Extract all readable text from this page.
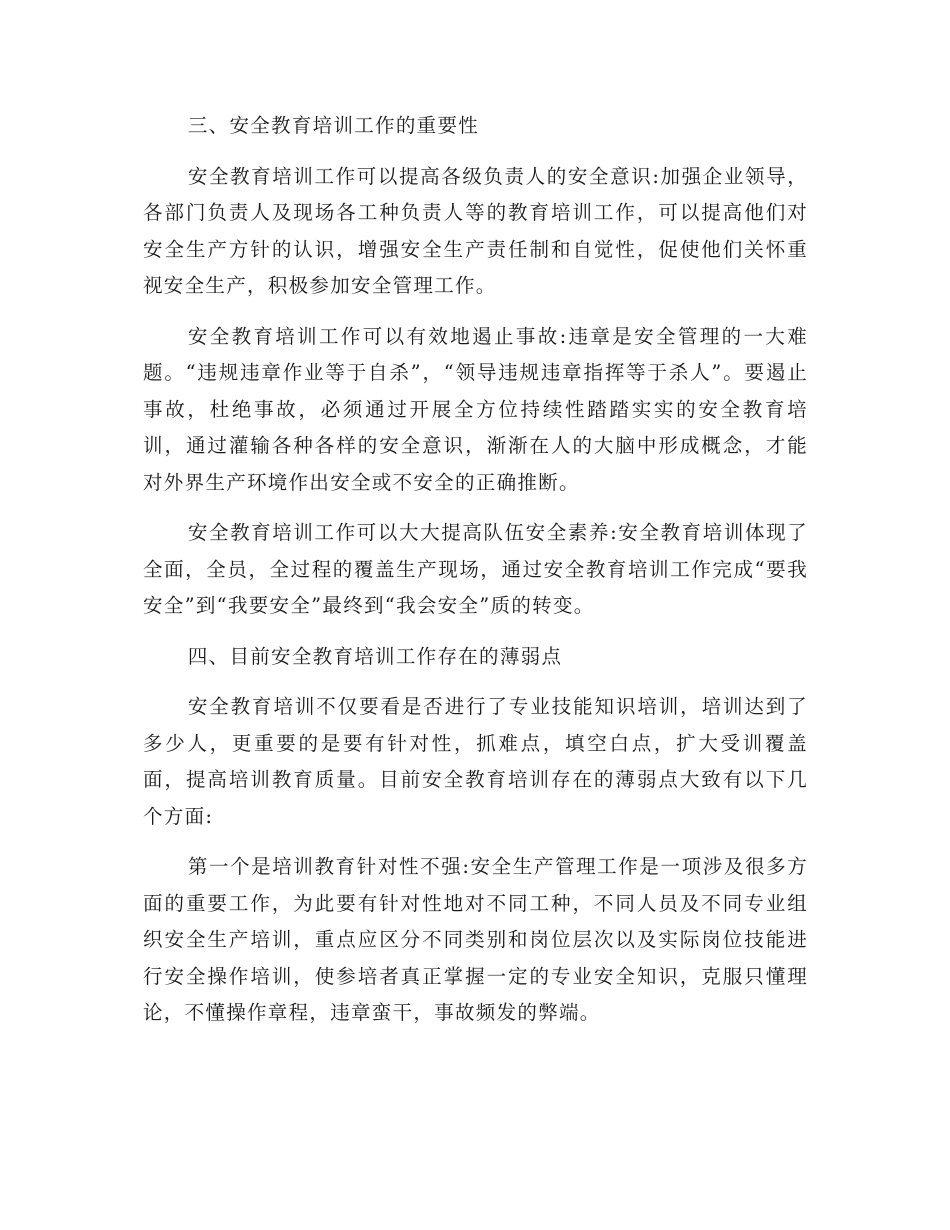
三、安全教育培训工作的重要性

安全教育培训工作可以提高各级负责人的安全意识:加强企业领导，各部门负责人及现场各工种负责人等的教育培训工作，可以提高他们对安全生产方针的认识，增强安全生产责任制和自觉性，促使他们关怀重视安全生产，积极参加安全管理工作。

安全教育培训工作可以有效地遏止事故:违章是安全管理的一大难题。“违规违章作业等于自杀”，“领导违规违章指挥等于杀人”。要遏止事故，杜绝事故，必须通过开展全方位持续性踏踏实实的安全教育培训，通过灌输各种各样的安全意识，渐渐在人的大脑中形成概念，才能对外界生产环境作出安全或不安全的正确推断。

安全教育培训工作可以大大提高队伍安全素养:安全教育培训体现了全面，全员，全过程的覆盖生产现场，通过安全教育培训工作完成“要我安全”到“我要安全”最终到“我会安全”质的转变。

四、目前安全教育培训工作存在的薄弱点

安全教育培训不仅要看是否进行了专业技能知识培训，培训达到了多少人，更重要的是要有针对性，抓难点，填空白点，扩大受训覆盖面，提高培训教育质量。目前安全教育培训存在的薄弱点大致有以下几个方面:

第一个是培训教育针对性不强:安全生产管理工作是一项涉及很多方面的重要工作，为此要有针对性地对不同工种，不同人员及不同专业组织安全生产培训，重点应区分不同类别和岗位层次以及实际岗位技能进行安全操作培训，使参培者真正掌握一定的专业安全知识，克服只懂理论，不懂操作章程，违章蛮干，事故频发的弊端。
